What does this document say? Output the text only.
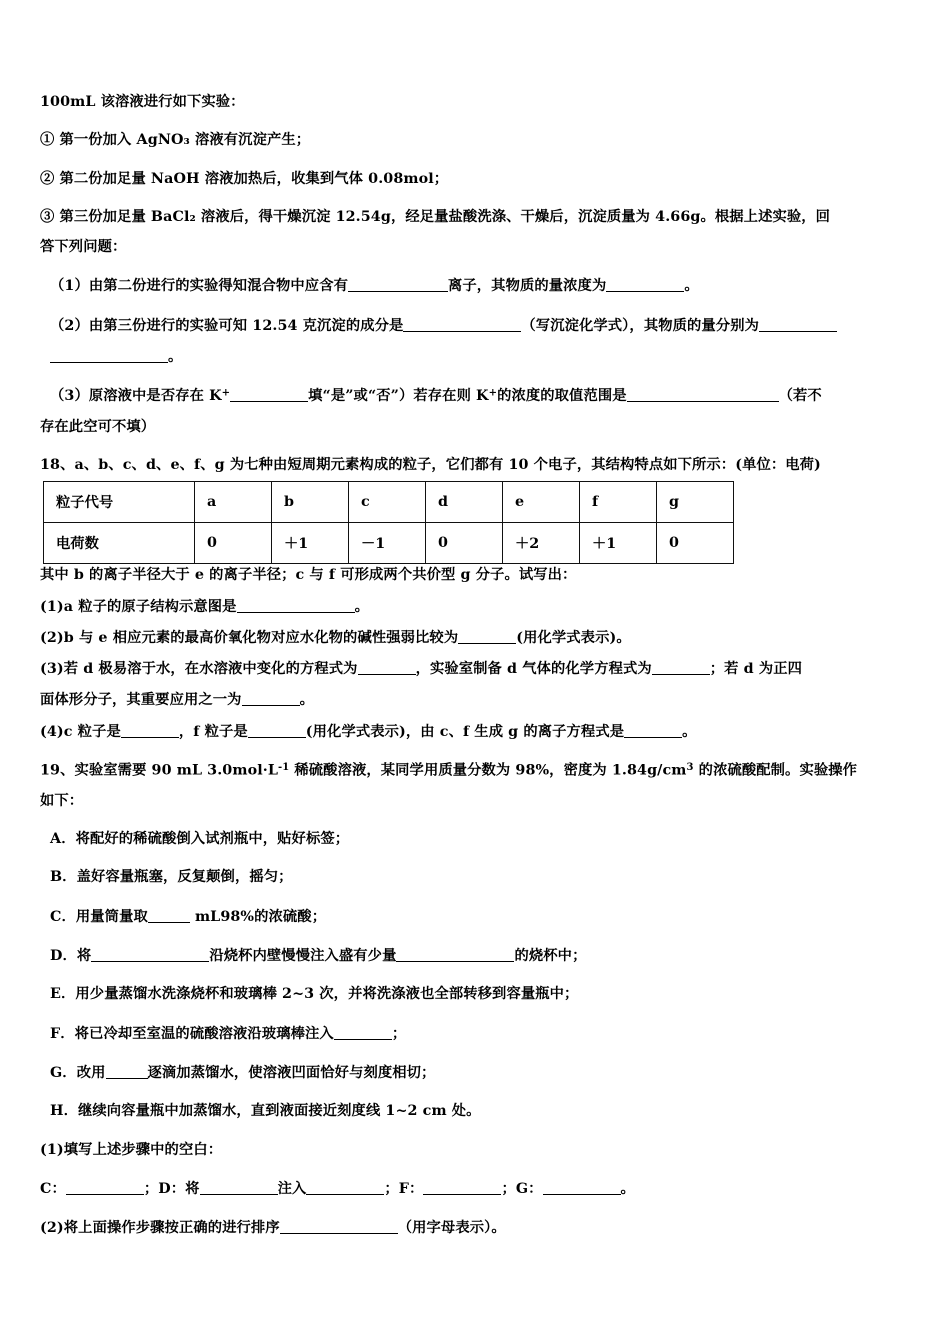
100mL 该溶液进行如下实验：

① 第一份加入 AgNO₃ 溶液有沉淀产生；

② 第二份加足量 NaOH 溶液加热后，收集到气体 0.08mol；

③ 第三份加足量 BaCl₂ 溶液后，得干燥沉淀 12.54g，经足量盐酸洗涤、干燥后，沉淀质量为 4.66g。根据上述实验，回

答下列问题：

（1）由第二份进行的实验得知混合物中应含有	离子，其物质的量浓度为	。

（2）由第三份进行的实验可知 12.54 克沉淀的成分是	（写沉淀化学式），其物质的量分别为

。

（3）原溶液中是否存在 K+	填“是”或“否”）若存在则 K+的浓度的取值范围是	（若不

存在此空可不填）

18、a、b、c、d、e、f、g 为七种由短周期元素构成的粒子，它们都有 10 个电子，其结构特点如下所示：(单位：电荷)

粒子代号	a	b	c	d	e	f	g
电荷数	0	＋1	－1	0	＋2	＋1	0

其中 b 的离子半径大于 e 的离子半径；c 与 f 可形成两个共价型 g 分子。试写出：

(1)a 粒子的原子结构示意图是	。

(2)b 与 e 相应元素的最高价氧化物对应水化物的碱性强弱比较为	(用化学式表示)。

(3)若 d 极易溶于水，在水溶液中变化的方程式为	，实验室制备 d 气体的化学方程式为	；若 d 为正四

面体形分子，其重要应用之一为	。

(4)c 粒子是	，f 粒子是	(用化学式表示)，由 c、f 生成 g 的离子方程式是	。

19、实验室需要 90 mL $3.0mol\cdot L^{-1}$ 稀硫酸溶液，某同学用质量分数为 98%，密度为 $1.84g/cm^3$ 的浓硫酸配制。实验操作

如下：

A．将配好的稀硫酸倒入试剂瓶中，贴好标签；

B．盖好容量瓶塞，反复颠倒，摇匀；

C．用量筒量取	mL98%的浓硫酸；

D．将	沿烧杯内壁慢慢注入盛有少量	的烧杯中；

E．用少量蒸馏水洗涤烧杯和玻璃棒 2~3 次，并将洗涤液也全部转移到容量瓶中；

F．将已冷却至室温的硫酸溶液沿玻璃棒注入	；

G．改用	逐滴加蒸馏水，使溶液凹面恰好与刻度相切；

H．继续向容量瓶中加蒸馏水，直到液面接近刻度线 1~2 cm 处。

(1)填写上述步骤中的空白：

C：	；D：将	注入	；F：	；G：	。

(2)将上面操作步骤按正确的进行排序	（用字母表示）。
